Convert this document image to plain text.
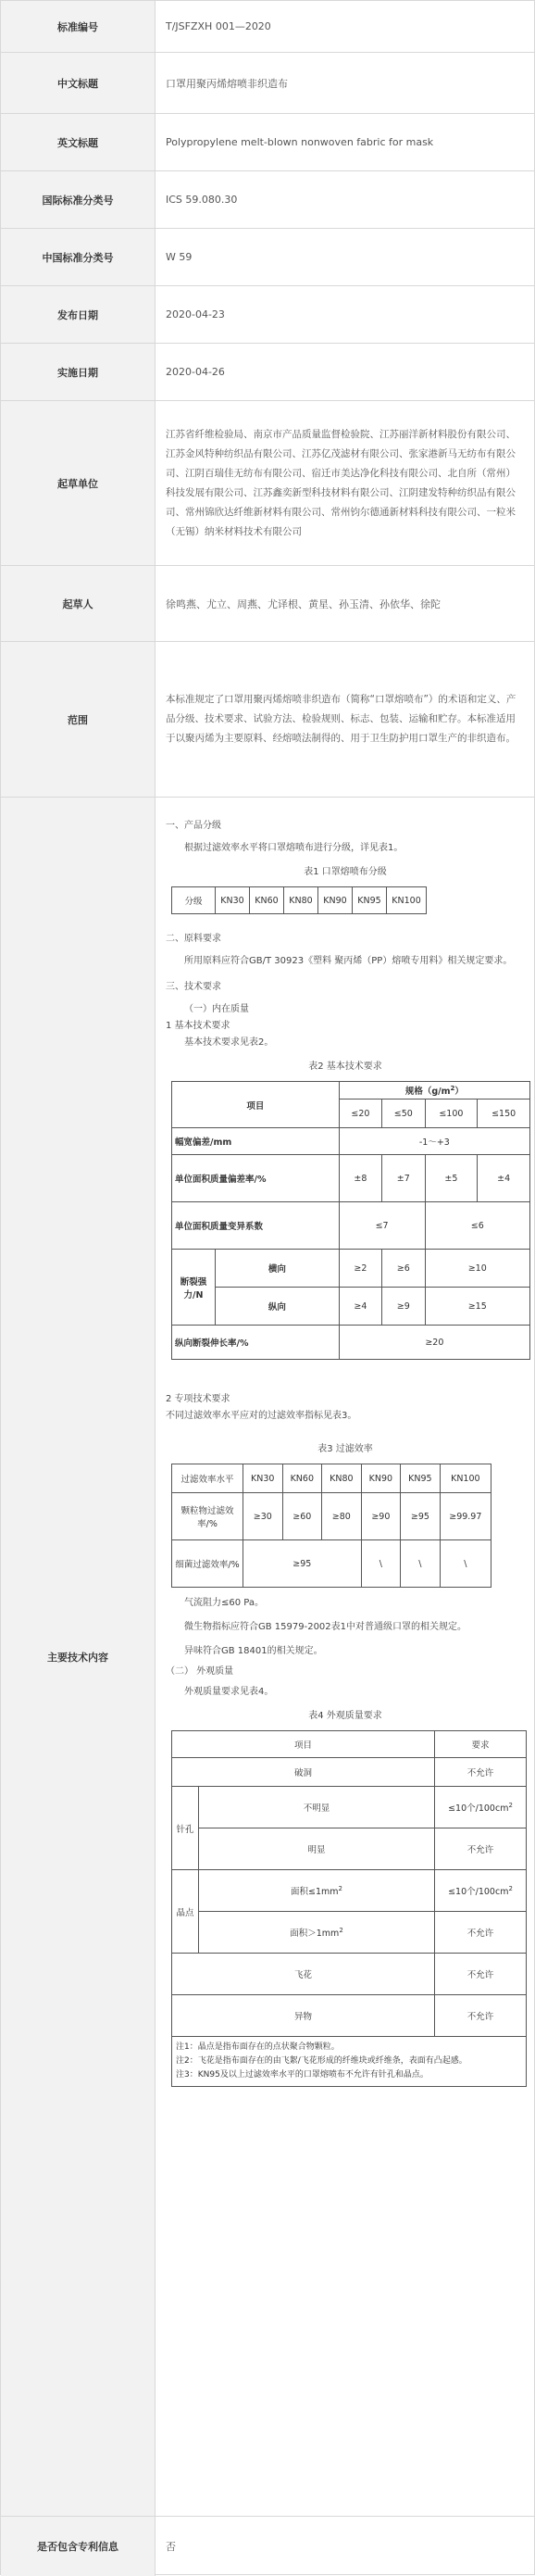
标准编号	T/JSFZXH 001—2020
中文标题	口罩用聚丙烯熔喷非织造布
英文标题	Polypropylene melt-blown nonwoven fabric for mask
国际标准分类号	ICS 59.080.30
中国标准分类号	W 59
发布日期	2020-04-23
实施日期	2020-04-26
起草单位
江苏省纤维检验局、南京市产品质量监督检验院、江苏丽洋新材料股份有限公司、江苏金风特种纺织品有限公司、江苏亿茂滤材有限公司、张家港新马无纺布有限公司、江阴百瑞佳无纺布有限公司、宿迁市美达净化科技有限公司、北自所（常州）科技发展有限公司、江苏鑫奕新型科技材料有限公司、江阴建发特种纺织品有限公司、常州锦欣达纤维新材料有限公司、常州钧尔德通新材料科技有限公司、一粒米（无锡）纳米材料技术有限公司
起草人	徐鸣燕、尤立、周燕、尤译根、黄星、孙玉清、孙依华、徐陀
范围
本标准规定了口罩用聚丙烯熔喷非织造布（简称“口罩熔喷布”）的术语和定义、产品分级、技术要求、试验方法、检验规则、标志、包装、运输和贮存。本标准适用于以聚丙烯为主要原料、经熔喷法制得的、用于卫生防护用口罩生产的非织造布。
主要技术内容

一、产品分级

根据过滤效率水平将口罩熔喷布进行分级，详见表1。

表1 口罩熔喷布分级

分级	KN30	KN60	KN80	KN90	KN95	KN100

二、原料要求

所用原料应符合GB/T 30923《塑料 聚丙烯（PP）熔喷专用料》相关规定要求。

三、技术要求

（一）内在质量

1 基本技术要求

基本技术要求见表2。

表2 基本技术要求

项目		规格$(g/m^2)$			
		≤20	≤50	≤100	≤150
幅宽偏差/mm		-1～+3			
单位面积质量偏差率/%		±8	±7	±5	±4
单位面积质量变异系数		≤7		≤6	
断裂强力/N	横向	≥2	≥6	≥10	
	纵向	≥4	≥9	≥15	
纵向断裂伸长率/%		≥20			

2 专项技术要求

不同过滤效率水平应对的过滤效率指标见表3。

表3 过滤效率

过滤效率水平	KN30	KN60	KN80	KN90	KN95	KN100
颗粒物过滤效率/%	≥30	≥60	≥80	≥90	≥95	≥99.97
细菌过滤效率/%	≥95			\	\	\

气流阻力≤60 Pa。

微生物指标应符合GB 15979-2002表1中对普通级口罩的相关规定。

异味符合GB 18401的相关规定。

（二） 外观质量

外观质量要求见表4。

表4 外观质量要求

项目		要求
破洞		不允许
针孔	不明显	≤10个$/100cm^2$
	明显	不允许
晶点	面积$\le 1mm^2$	≤10个$/100cm^2$
	面积$>1mm^2$	不允许
飞花		不允许
异物		不允许

注1：晶点是指布面存在的点状聚合物颗粒。
注2：飞花是指布面存在的由飞絮/飞花形成的纤维块或纤维条，表面有凸起感。
注3：KN95及以上过滤效率水平的口罩熔喷布不允许有针孔和晶点。		
是否包含专利信息	否
